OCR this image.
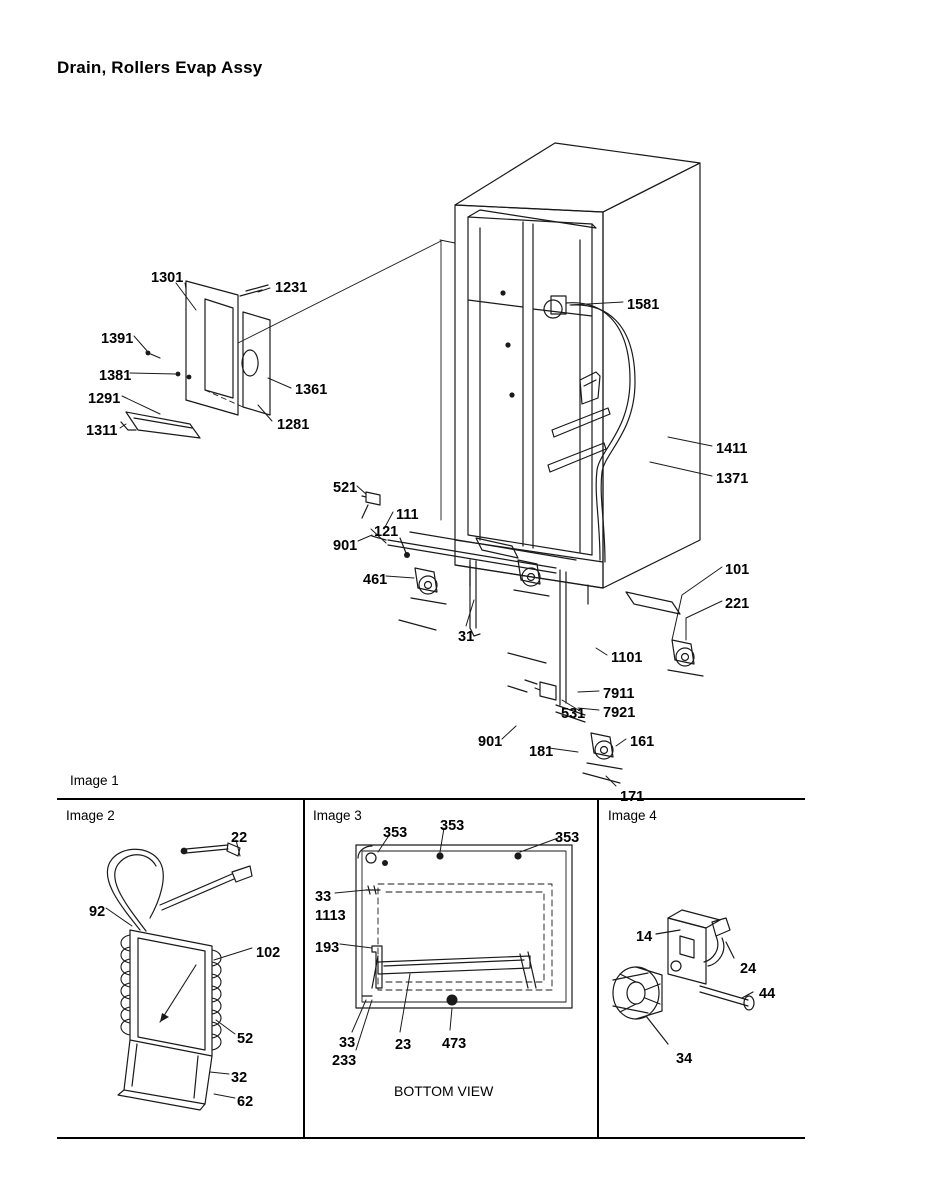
Drain, Rollers Evap Assy
Image 1
Image 2	Image 3	Image 4
BOTTOM VIEW
1301
1231
1581
1391
1381
1361
1291
1311	1281
1411
1371
521
111
121
901
461
101
221
31
1101
7911
7921
531
901
181
161
171
22
92
102
52
32
62
353 353
353
33
1113
193
33
233
23 473
14
24
44
34
